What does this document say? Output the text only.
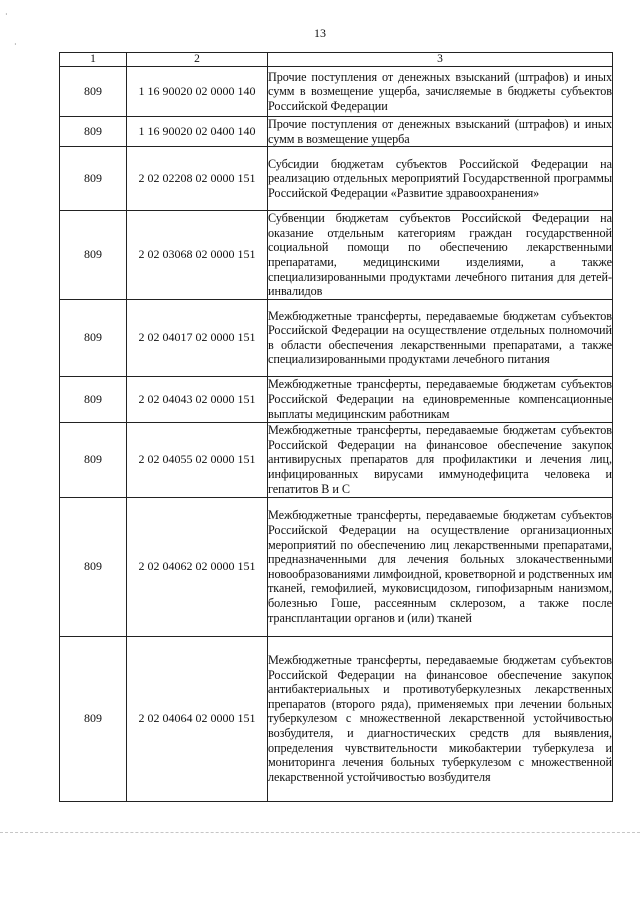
13
·
·
1	2	3
809	1 16 90020 02 0000 140	Прочие поступления от денежных взысканий (штрафов) и иных сумм в возмещение ущерба, зачисляемые в бюджеты субъектов Российской Федерации
809	1 16 90020 02 0400 140	Прочие поступления от денежных взысканий (штрафов) и иных сумм в возмещение ущерба
809	2 02 02208 02 0000 151	Субсидии бюджетам субъектов Российской Федерации на реализацию отдельных мероприятий Государственной программы Российской Федерации «Развитие здравоохранения»
809	2 02 03068 02 0000 151	Субвенции бюджетам субъектов Российской Федерации на оказание отдельным категориям граждан государственной социальной помощи по обеспечению лекарственными препаратами, медицинскими изделиями, а также специализированными продуктами лечебного питания для детей-инвалидов
809	2 02 04017 02 0000 151	Межбюджетные трансферты, передаваемые бюджетам субъектов Российской Федерации на осуществление отдельных полномочий в области обеспечения лекарственными препаратами, а также специализированными продуктами лечебного питания
809	2 02 04043 02 0000 151	Межбюджетные трансферты, передаваемые бюджетам субъектов Российской Федерации на единовременные компенсационные выплаты медицинским работникам
809	2 02 04055 02 0000 151	Межбюджетные трансферты, передаваемые бюджетам субъектов Российской Федерации на финансовое обеспечение закупок антивирусных препаратов для профилактики и лечения лиц, инфицированных вирусами иммунодефицита человека и гепатитов B и C
809	2 02 04062 02 0000 151	Межбюджетные трансферты, передаваемые бюджетам субъектов Российской Федерации на осуществление организационных мероприятий по обеспечению лиц лекарственными препаратами, предназначенными для лечения больных злокачественными новообразованиями лимфоидной, кроветворной и родственных им тканей, гемофилией, муковисцидозом, гипофизарным нанизмом, болезнью Гоше, рассеянным склерозом, а также после трансплантации органов и (или) тканей
809	2 02 04064 02 0000 151	Межбюджетные трансферты, передаваемые бюджетам субъектов Российской Федерации на финансовое обеспечение закупок антибактериальных и противотуберкулезных лекарственных препаратов (второго ряда), применяемых при лечении больных туберкулезом с множественной лекарственной устойчивостью возбудителя, и диагностических средств для выявления, определения чувствительности микобактерии туберкулеза и мониторинга лечения больных туберкулезом с множественной лекарственной устойчивостью возбудителя
